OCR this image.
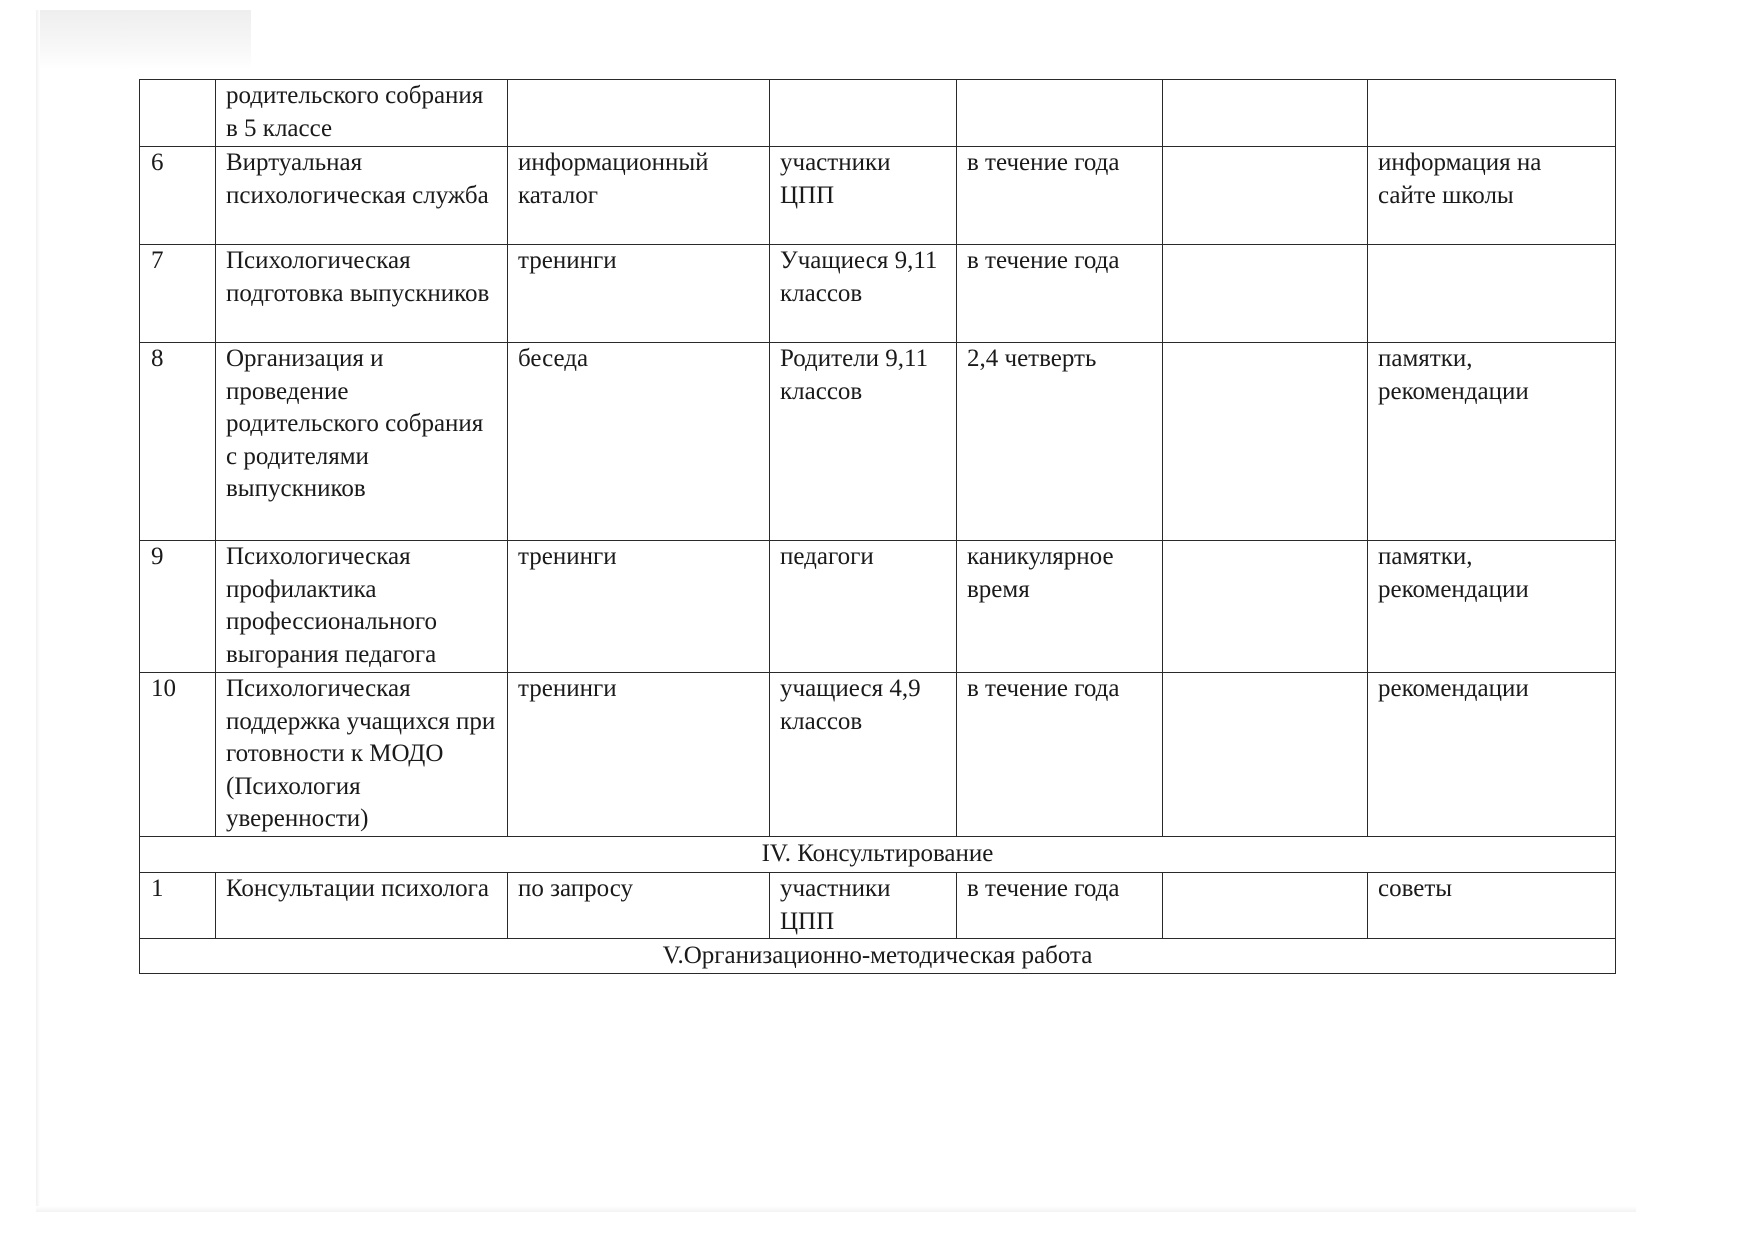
	родительского собрания в 5 классе					
6	Виртуальная психологическая служба	информационный каталог	участники ЦПП	в течение года		информация на сайте школы
7	Психологическая подготовка выпускников	тренинги	Учащиеся 9,11 классов	в течение года		
8	Организация и проведение родительского собрания с родителями выпускников	беседа	Родители 9,11 классов	2,4 четверть		памятки, рекомендации
9	Психологическая профилактика профессионального выгорания педагога	тренинги	педагоги	каникулярное время		памятки, рекомендации
10	Психологическая поддержка учащихся при готовности к МОДО (Психология уверенности)	тренинги	учащиеся 4,9 классов	в течение года		рекомендации
IV. Консультирование						
1	Консультации психолога	по запросу	участники ЦПП	в течение года		советы
V.Организационно-методическая работа						
